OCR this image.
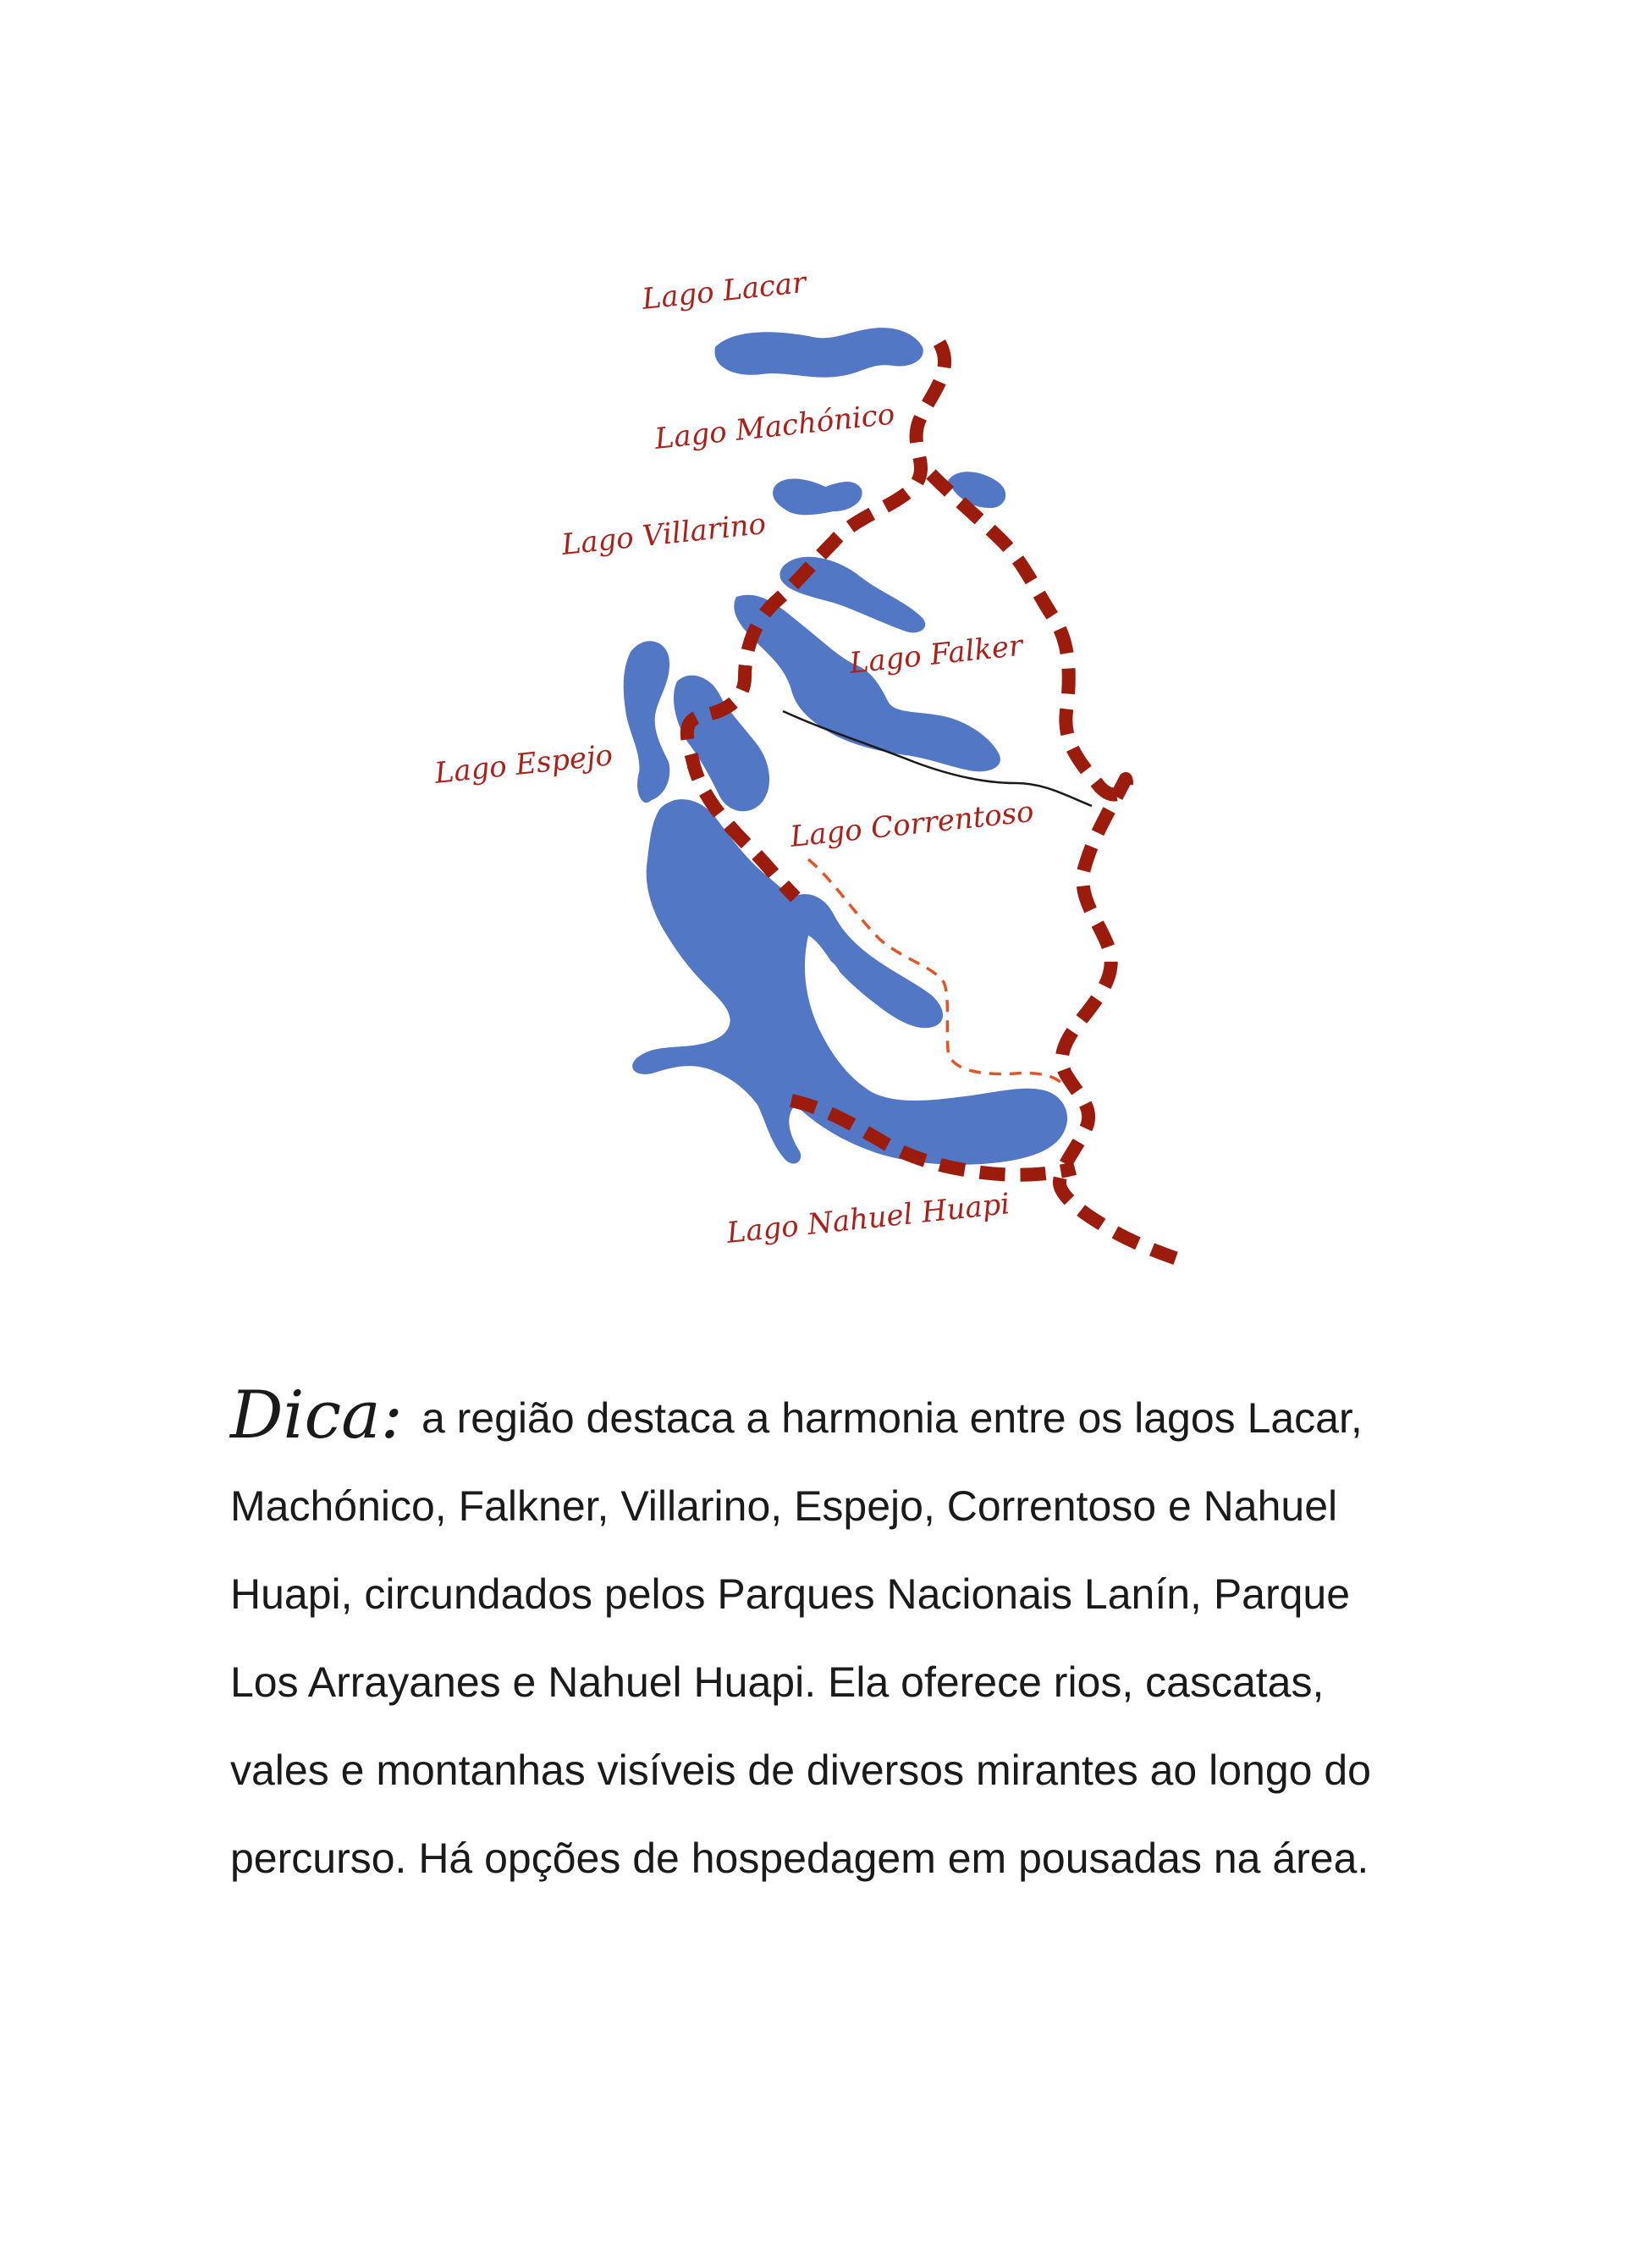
Lago Lacar
Lago Machónico
Lago Villarino
Lago Falker
Lago Espejo
Lago Correntoso
Lago Nahuel Huapi
Dica: a região destaca a harmonia entre os lagos Lacar, Machónico, Falkner, Villarino, Espejo, Correntoso e Nahuel Huapi, circundados pelos Parques Nacionais Lanín, Parque Los Arrayanes e Nahuel Huapi. Ela oferece rios, cascatas, vales e montanhas visíveis de diversos mirantes ao longo do percurso. Há opções de hospedagem em pousadas na área.
